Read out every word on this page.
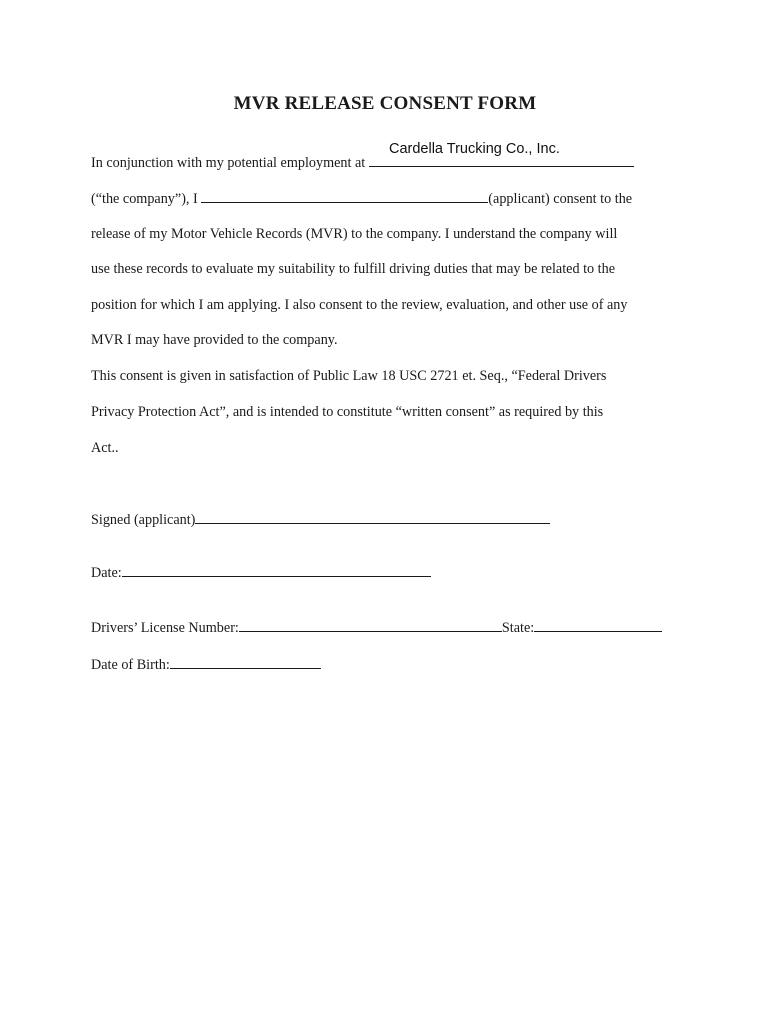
MVR RELEASE CONSENT FORM
Cardella Trucking Co., Inc.
In conjunction with my potential employment at
(“the company”), I	(applicant) consent to the
release of my Motor Vehicle Records (MVR) to the company. I understand the company will
use these records to evaluate my suitability to fulfill driving duties that may be related to the
position for which I am applying. I also consent to the review, evaluation, and other use of any
MVR I may have provided to the company.
This consent is given in satisfaction of Public Law 18 USC 2721 et. Seq., “Federal Drivers
Privacy Protection Act”, and is intended to constitute “written consent” as required by this
Act..
Signed (applicant)
Date:
Drivers’ License Number:	State:
Date of Birth:
